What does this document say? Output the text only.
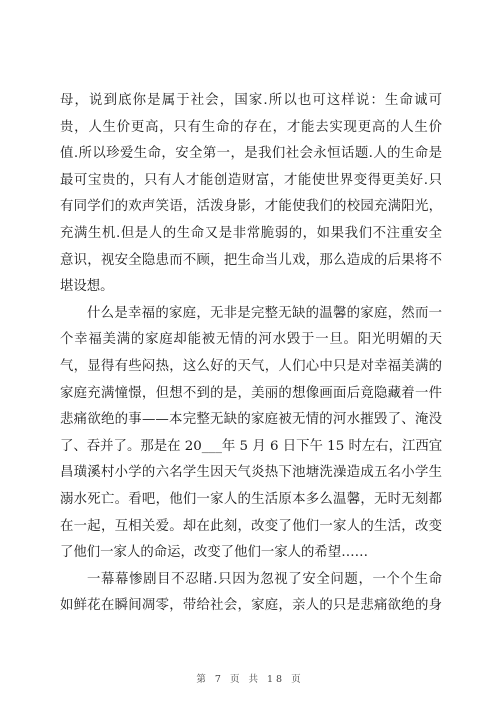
母，说到底你是属于社会，国家.所以也可这样说：生命诚可

贵，人生价更高，只有生命的存在，才能去实现更高的人生价

值.所以珍爱生命，安全第一，是我们社会永恒话题.人的生命是

最可宝贵的，只有人才能创造财富，才能使世界变得更美好.只

有同学们的欢声笑语，活泼身影，才能使我们的校园充满阳光，

充满生机.但是人的生命又是非常脆弱的，如果我们不注重安全

意识，视安全隐患而不顾，把生命当儿戏，那么造成的后果将不

堪设想。

什么是幸福的家庭，无非是完整无缺的温馨的家庭，然而一

个幸福美满的家庭却能被无情的河水毁于一旦。阳光明媚的天

气，显得有些闷热，这么好的天气，人们心中只是对幸福美满的

家庭充满憧憬，但想不到的是，美丽的想像画面后竟隐藏着一件

悲痛欲绝的事——本完整无缺的家庭被无情的河水摧毁了、淹没

了、吞并了。那是在 20___年 5 月 6 日下午 15 时左右，江西宜

昌璜溪村小学的六名学生因天气炎热下池塘洗澡造成五名小学生

溺水死亡。看吧，他们一家人的生活原本多么温馨，无时无刻都

在一起，互相关爱。却在此刻，改变了他们一家人的生活，改变

了他们一家人的命运，改变了他们一家人的希望……

一幕幕惨剧目不忍睹.只因为忽视了安全问题，一个个生命

如鲜花在瞬间凋零，带给社会，家庭，亲人的只是悲痛欲绝的身

第 7 页 共 18 页
